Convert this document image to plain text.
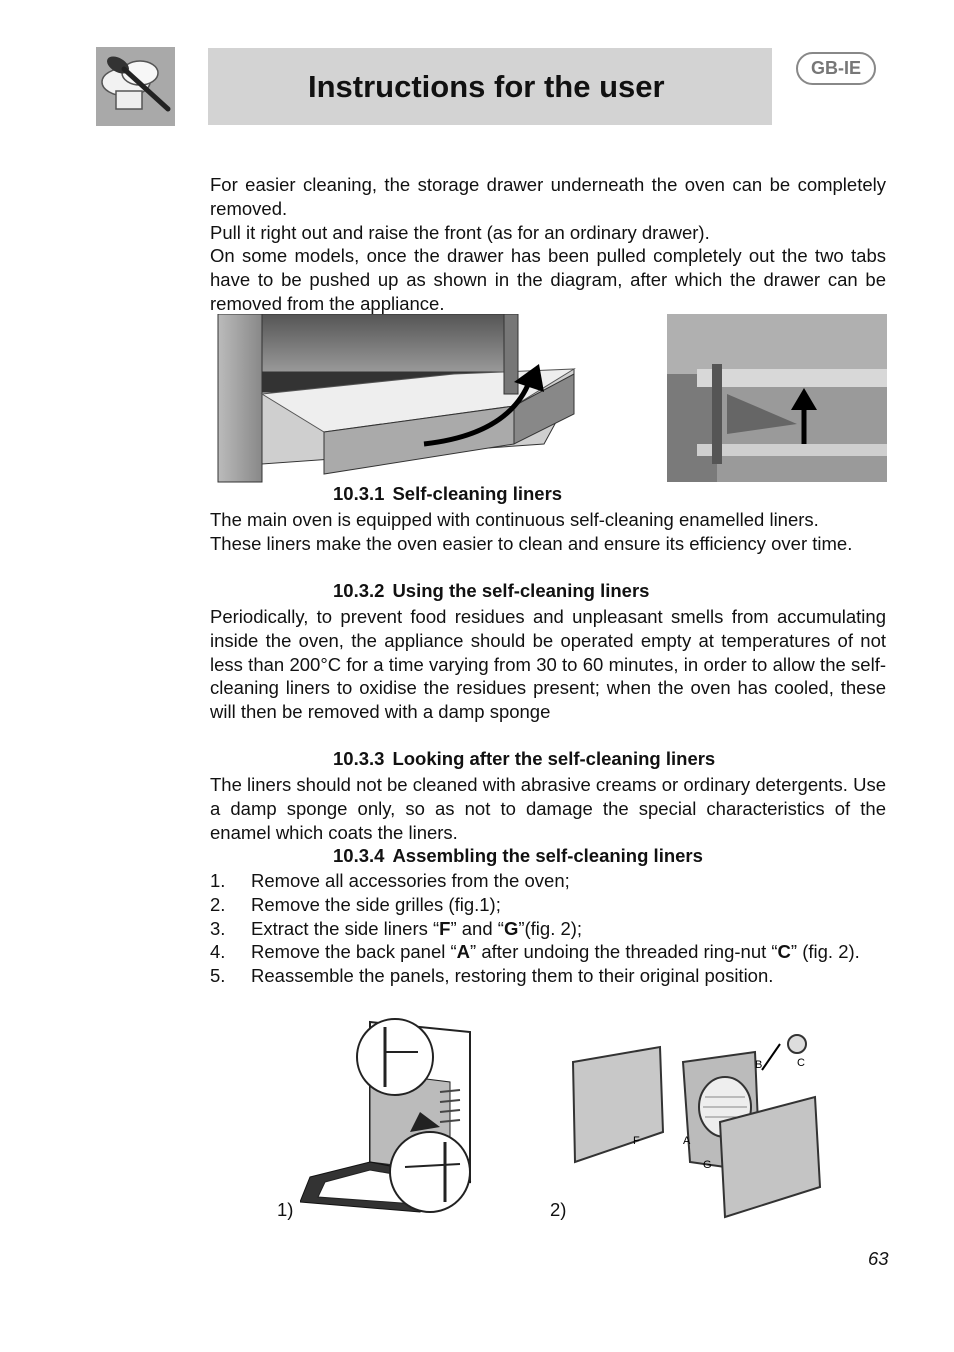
Instructions for the user
GB-IE
For easier cleaning, the storage drawer underneath the oven can be completely removed.
Pull it right out and raise the front (as for an ordinary drawer).
On some models, once the drawer has been pulled completely out the two tabs have to be pushed up as shown in the diagram, after which the drawer can be removed from the appliance.
10.3.1 Self-cleaning liners
The main oven is equipped with continuous self-cleaning enamelled liners.
These liners make the oven easier to clean and ensure its efficiency over time.
10.3.2 Using the self-cleaning liners
Periodically, to prevent food residues and unpleasant smells from accumulating inside the oven, the appliance should be operated empty at temperatures of not less than 200°C for a time varying from 30 to 60 minutes, in order to allow the self-cleaning liners to oxidise the residues present; when the oven has cooled, these will then be removed with a damp sponge
10.3.3 Looking after the self-cleaning liners
The liners should not be cleaned with abrasive creams or ordinary detergents. Use a damp sponge only, so as not to damage the special characteristics of the enamel which coats the liners.
10.3.4 Assembling the self-cleaning liners
1.	Remove all accessories from the oven;
2.	Remove the side grilles (fig.1);
3.	Extract the side liners “F” and “G”(fig. 2);
4.	Remove the back panel “A” after undoing the threaded ring-nut “C” (fig. 2).
5.	Reassemble the panels, restoring them to their original position.
1)
B	C
A
F
G
2)
63
